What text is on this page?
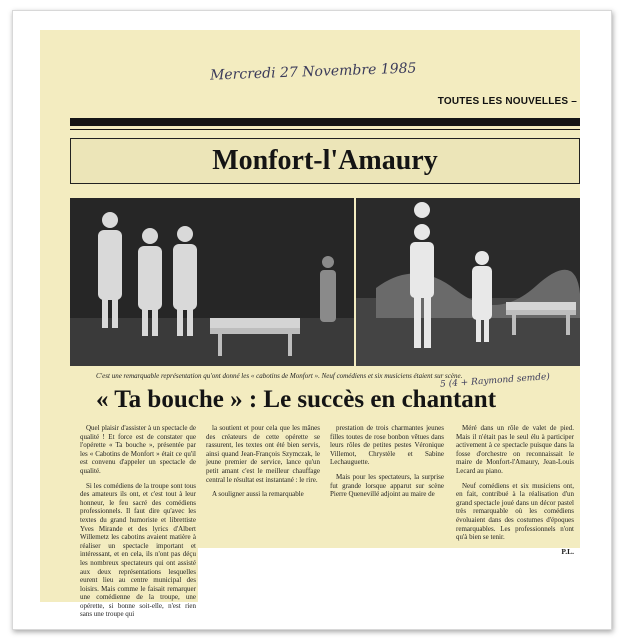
Mercredi 27 Novembre 1985
TOUTES LES NOUVELLES –
Monfort-l'Amaury
C'est une remarquable représentation qu'ont donné les « cabotins de Monfort ». Neuf comédiens et six musiciens étaient sur scène.
5 (4 + Raymond semde)
« Ta bouche » : Le succès en chantant

Quel plaisir d'assister à un spectacle de qualité ! Et force est de constater que l'opérette « Ta bouche », présentée par les « Cabotins de Monfort » était ce qu'il est convenu d'appeler un spectacle de qualité.

Si les comédiens de la troupe sont tous des amateurs ils ont, et c'est tout à leur honneur, le feu sacré des comédiens professionnels. Il faut dire qu'avec les textes du grand humoriste et librettiste Yves Mirande et des lyrics d'Albert Willemetz les cabotins avaient matière à réaliser un spectacle important et intéressant, et en cela, ils n'ont pas déçu les nombreux spectateurs qui ont assisté aux deux représentations lesquelles eurent lieu au centre municipal des loisirs. Mais comme le faisait remarquer une comédienne de la troupe, une opérette, si bonne soit-elle, n'est rien sans une troupe qui

la soutient et pour cela que les mânes des créateurs de cette opérette se rassurent, les textes ont été bien servis, ainsi quand Jean-François Szymczak, le jeune premier de service, lance qu'un petit amant c'est le meilleur chauffage central le résultat est instantané : le rire.

A souligner aussi la remarquable

prestation de trois charmantes jeunes filles toutes de rose bonbon vêtues dans leurs rôles de petites pestes Véronique Villemot, Chrystèle et Sabine Lechauguette.

Mais pour les spectateurs, la surprise fut grande lorsque apparut sur scène Pierre Quenevillé adjoint au maire de

Méré dans un rôle de valet de pied. Mais il n'était pas le seul élu à participer activement à ce spectacle puisque dans la fosse d'orchestre on reconnaissait le maire de Monfort-l'Amaury, Jean-Louis Lecard au piano.

Neuf comédiens et six musiciens ont, en fait, contribué à la réalisation d'un grand spectacle joué dans un décor pastel très remarquable où les comédiens évoluaient dans des costumes d'époques remarquables. Les professionnels n'ont qu'à bien se tenir.

P.L.
